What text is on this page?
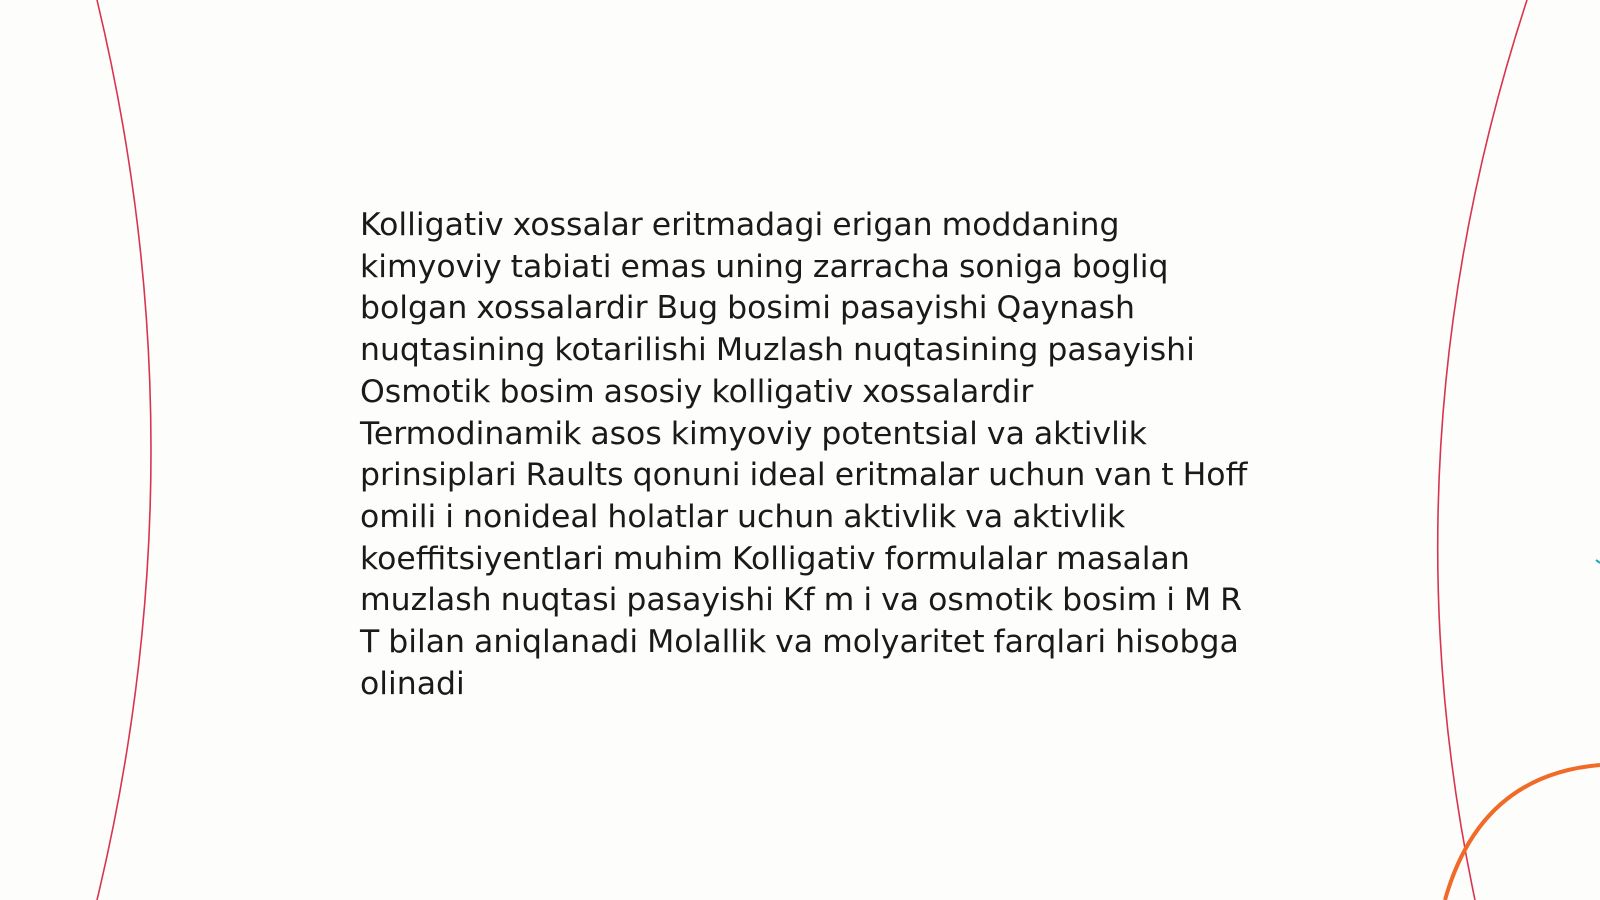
Kolligativ xossalar eritmadagi erigan moddaning kimyoviy tabiati emas uning zarracha soniga bogliq bolgan xossalardir Bug bosimi pasayishi Qaynash nuqtasining kotarilishi Muzlash nuqtasining pasayishi Osmotik bosim asosiy kolligativ xossalardir Termodinamik asos kimyoviy potentsial va aktivlik prinsiplari Raults qonuni ideal eritmalar uchun van t Hoff omili i nonideal holatlar uchun aktivlik va aktivlik koeffitsiyentlari muhim Kolligativ formulalar masalan muzlash nuqtasi pasayishi Kf m i va osmotik bosim i M R T bilan aniqlanadi Molallik va molyaritet farqlari hisobga olinadi
